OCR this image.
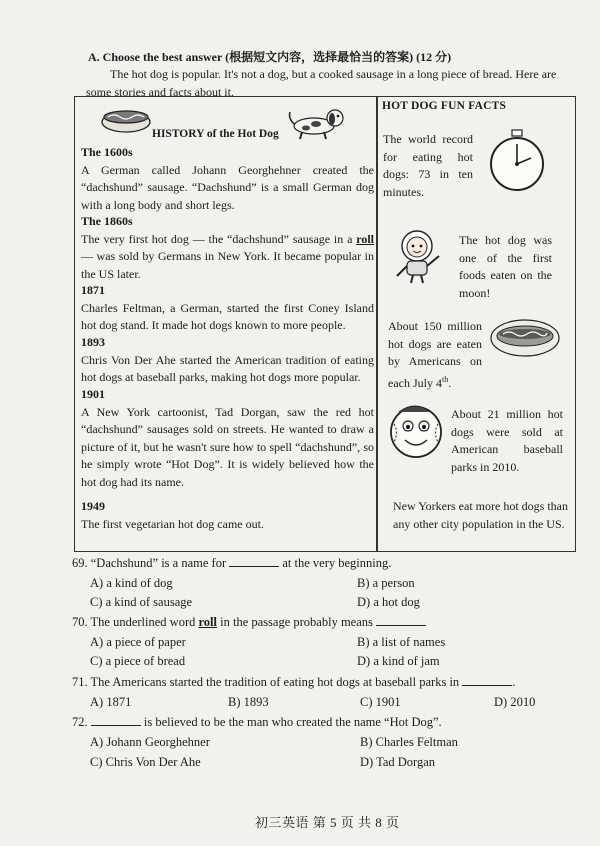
A. Choose the best answer (根据短文内容，选择最恰当的答案) (12 分)
The hot dog is popular. It's not a dog, but a cooked sausage in a long piece of bread. Here are
some stories and facts about it.
HISTORY of the Hot Dog

The 1600s

A German called Johann Georghehner created the “dachshund” sausage. “Dachshund” is a small German dog with a long body and short legs.

The 1860s

The very first hot dog — the “dachshund” sausage in a roll — was sold by Germans in New York. It became popular in the US later.

1871

Charles Feltman, a German, started the first Coney Island hot dog stand. It made hot dogs known to more people.

1893

Chris Von Der Ahe started the American tradition of eating hot dogs at baseball parks, making hot dogs more popular.

1901

A New York cartoonist, Tad Dorgan, saw the red hot “dachshund” sausages sold on streets. He wanted to draw a picture of it, but he wasn't sure how to spell “dachshund”, so he simply wrote “Hot Dog”. It is widely believed how the hot dog had its name.

1949

The first vegetarian hot dog came out.

HOT DOG FUN FACTS
The world record for eating hot dogs: 73 in ten minutes.
The hot dog was one of the first foods eaten on the moon!
About 150 million hot dogs are eaten by Americans on each July 4th.
About 21 million hot dogs were sold at American baseball parks in 2010.
New Yorkers eat more hot dogs than any other city population in the US.
69. “Dachshund” is a name for	at the very beginning.
A) a kind of dog	B) a person
C) a kind of sausage	D) a hot dog
70. The underlined word roll in the passage probably means
A) a piece of paper	B) a list of names
C) a piece of bread	D) a kind of jam
71. The Americans started the tradition of eating hot dogs at baseball parks in	.
A) 1871	B) 1893	C) 1901	D) 2010
72.	is believed to be the man who created the name “Hot Dog”.
A) Johann Georghehner	B) Charles Feltman
C) Chris Von Der Ahe	D) Tad Dorgan
初三英语 第 5 页 共 8 页
